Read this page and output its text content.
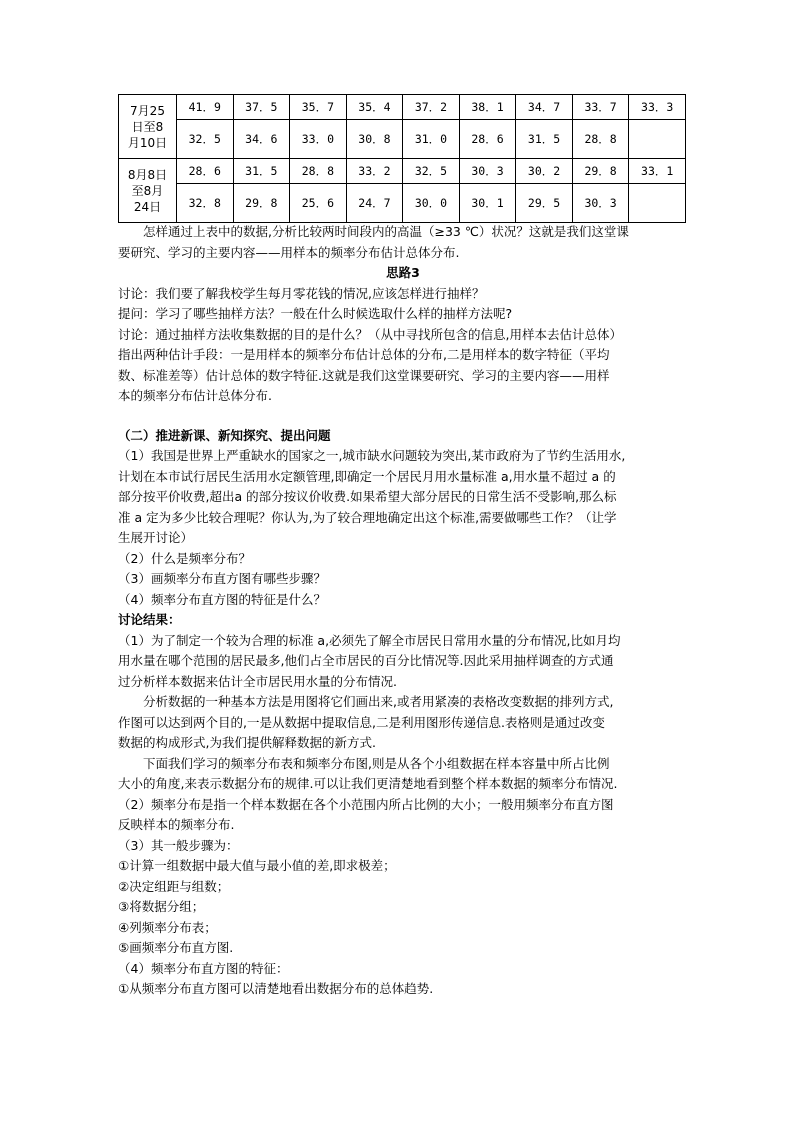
7月25
日至8
月10日	41．9	37．5	35．7	35．4	37．2	38．1	34．7	33．7	33．3
	32．5	34．6	33．0	30．8	31．0	28．6	31．5	28．8	

8月8日
至8月
24日	28．6	31．5	28．8	33．2	32．5	30．3	30．2	29．8	33．1
	32．8	29．8	25．6	24．7	30．0	30．1	29．5	30．3	

怎样通过上表中的数据,分析比较两时间段内的高温（≥33 ℃）状况？这就是我们这堂课

要研究、学习的主要内容——用样本的频率分布估计总体分布.

思路3

讨论：我们要了解我校学生每月零花钱的情况,应该怎样进行抽样？

提问：学习了哪些抽样方法？一般在什么时候选取什么样的抽样方法呢?

讨论：通过抽样方法收集数据的目的是什么？（从中寻找所包含的信息,用样本去估计总体）

指出两种估计手段：一是用样本的频率分布估计总体的分布,二是用样本的数字特征（平均

数、标准差等）估计总体的数字特征.这就是我们这堂课要研究、学习的主要内容——用样

本的频率分布估计总体分布.

（二）推进新课、新知探究、提出问题

（1）我国是世界上严重缺水的国家之一,城市缺水问题较为突出,某市政府为了节约生活用水,

计划在本市试行居民生活用水定额管理,即确定一个居民月用水量标准 a,用水量不超过 a 的

部分按平价收费,超出a 的部分按议价收费.如果希望大部分居民的日常生活不受影响,那么标

准 a 定为多少比较合理呢？你认为,为了较合理地确定出这个标准,需要做哪些工作？（让学

生展开讨论）

（2）什么是频率分布？

（3）画频率分布直方图有哪些步骤？

（4）频率分布直方图的特征是什么？

讨论结果：

（1）为了制定一个较为合理的标准 a,必须先了解全市居民日常用水量的分布情况,比如月均

用水量在哪个范围的居民最多,他们占全市居民的百分比情况等.因此采用抽样调查的方式通

过分析样本数据来估计全市居民用水量的分布情况.

分析数据的一种基本方法是用图将它们画出来,或者用紧凑的表格改变数据的排列方式,

作图可以达到两个目的,一是从数据中提取信息,二是利用图形传递信息.表格则是通过改变

数据的构成形式,为我们提供解释数据的新方式.

下面我们学习的频率分布表和频率分布图,则是从各个小组数据在样本容量中所占比例

大小的角度,来表示数据分布的规律.可以让我们更清楚地看到整个样本数据的频率分布情况.

（2）频率分布是指一个样本数据在各个小范围内所占比例的大小；一般用频率分布直方图

反映样本的频率分布.

（3）其一般步骤为：

①计算一组数据中最大值与最小值的差,即求极差；

②决定组距与组数；

③将数据分组；

④列频率分布表；

⑤画频率分布直方图.

（4）频率分布直方图的特征：

①从频率分布直方图可以清楚地看出数据分布的总体趋势.
